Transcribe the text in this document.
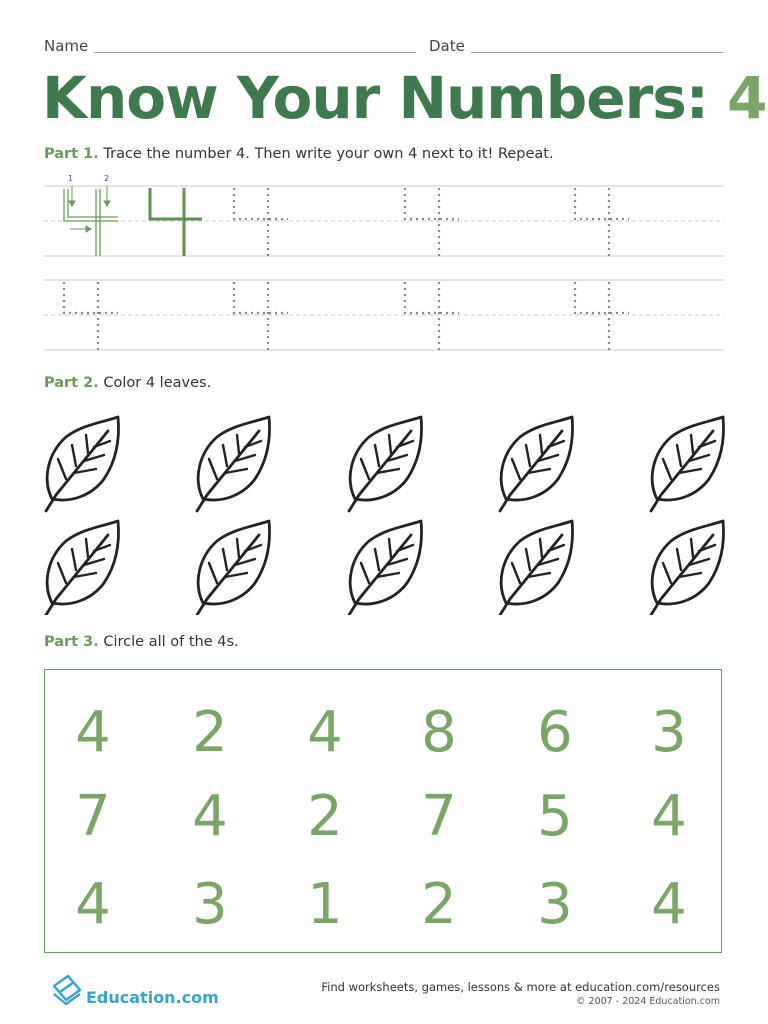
Name	Date
Know Your Numbers: 4
Part 1. Trace the number 4. Then write your own 4 next to it! Repeat.
1	2
Part 2. Color 4 leaves.
Part 3. Circle all of the 4s.
4 2 4 8 6 3
7 4 2 7 5 4
4 3 1 2 3 4
Education.com
Find worksheets, games, lessons & more at education.com/resources
© 2007 - 2024 Education.com
